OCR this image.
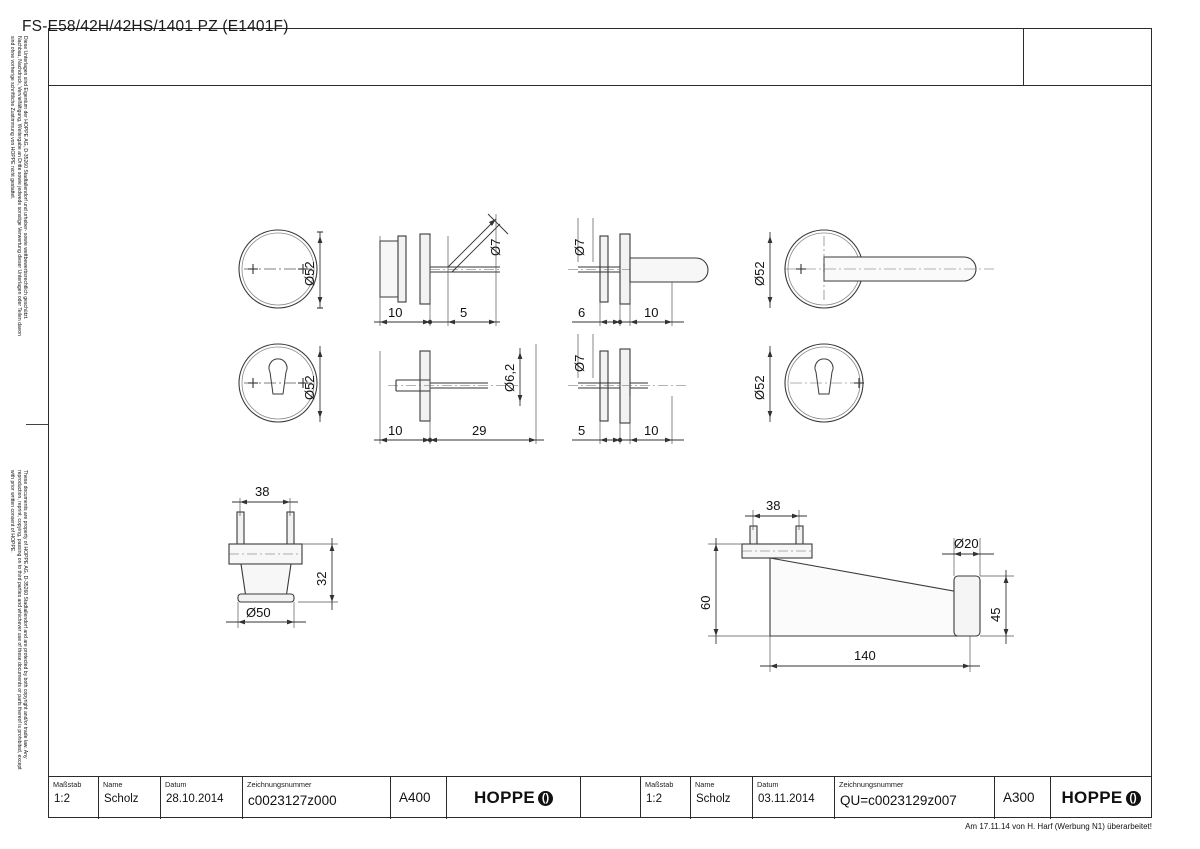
FS-E58/42H/42HS/1401 PZ (E1401F)
Diese Unterlagen sind Eigentum der HOPPE AG, D-35260 Stadtallendorf und urheber- sowie wettbewerbsrechtlich geschützt. Nachbau, Nachdruck, Vervielfältigung, Weitergabe an Dritte sowie jedwede sonstige Verwertung dieser Unterlagen oder Teilen davon sind ohne vorherige schriftliche Zustimmung von HOPPE nicht gestattet.
These documents are property of HOPPE AG, D-35260 Stadtallendorf and are protected by both copyright and/or trade law. Any reproduction, reprint, copying, passing on to third parties and whichever use of these documents or parts thereof is prohibited, except with prior written consent of HOPPE.
Ø52
Ø52
Ø7
10	5
Ø7
6	10
Ø52
Ø6,2
10	29
Ø7
5	10
Ø52
38
32
Ø50
38
60
Ø20
45
140
Maßstab
1:2
Name
Scholz
Datum
28.10.2014
Zeichnungsnummer
c0023127z000	A400	HOPPE ()
Maßstab
1:2
Name
Scholz
Datum
03.11.2014
Zeichnungsnummer
QU=c0023129z007	A300 HOPPE ()
Am 17.11.14 von H. Harf (Werbung N1) überarbeitet!
